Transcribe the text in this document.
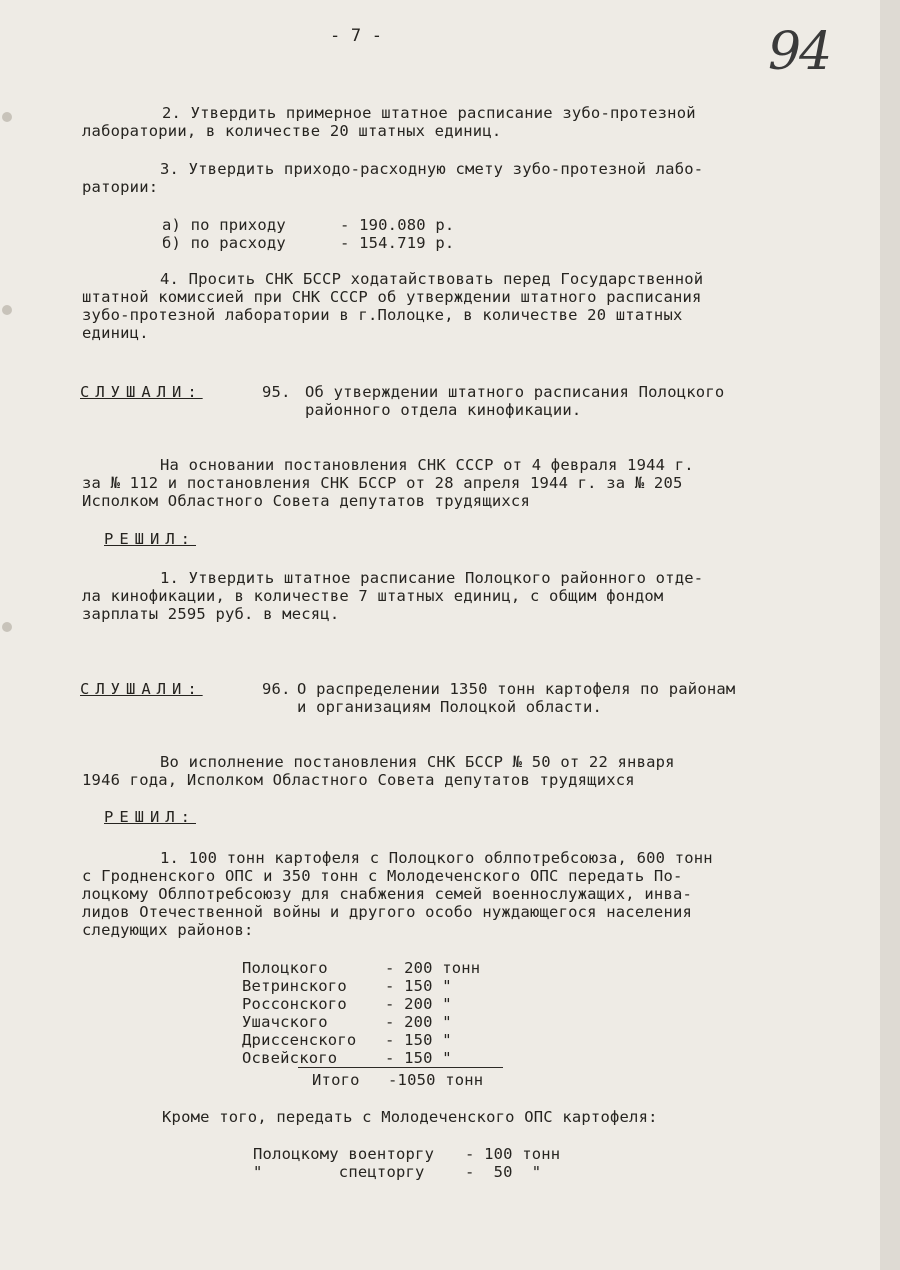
- 7 -	94
2. Утвердить примерное штатное расписание зубо-протезной
лаборатории, в количестве 20 штатных единиц.
3. Утвердить приходо-расходную смету зубо-протезной лабо-
ратории:
а) по приходу	- 190.080 р.
б) по расходу	- 154.719 р.
4. Просить СНК БССР ходатайствовать перед Государственной
штатной комиссией при СНК СССР об утверждении штатного расписания
зубо-протезной лаборатории в г.Полоцке, в количестве 20 штатных
единиц.
СЛУШАЛИ:	95. Об утверждении штатного расписания Полоцкого
районного отдела кинофикации.
На основании постановления СНК СССР от 4 февраля 1944 г.
за № 112 и постановления СНК БССР от 28 апреля 1944 г. за № 205
Исполком Областного Совета депутатов трудящихся
РЕШИЛ:
1. Утвердить штатное расписание Полоцкого районного отде-
ла кинофикации, в количестве 7 штатных единиц, с общим фондом
зарплаты 2595 руб. в месяц.
СЛУШАЛИ:	96. О распределении 1350 тонн картофеля по районам
и организациям Полоцкой области.
Во исполнение постановления СНК БССР № 50 от 22 января
1946 года, Исполком Областного Совета депутатов трудящихся
РЕШИЛ:
1. 100 тонн картофеля с Полоцкого облпотребсоюза, 600 тонн
с Гродненского ОПС и 350 тонн с Молодеченского ОПС передать По-
лоцкому Облпотребсоюзу для снабжения семей военнослужащих, инва-
лидов Отечественной войны и другого особо нуждающегося населения
следующих районов:
Полоцкого	- 200 тонн
Ветринского - 150 "
Россонского - 200 "
Ушачского	- 200 "
Дриссенского - 150 "
Освейского	- 150 "
Итого -1050 тонн
Кроме того, передать с Молодеченского ОПС картофеля:
Полоцкому военторгу - 100 тонн
"        спецторгу	-  50  "
